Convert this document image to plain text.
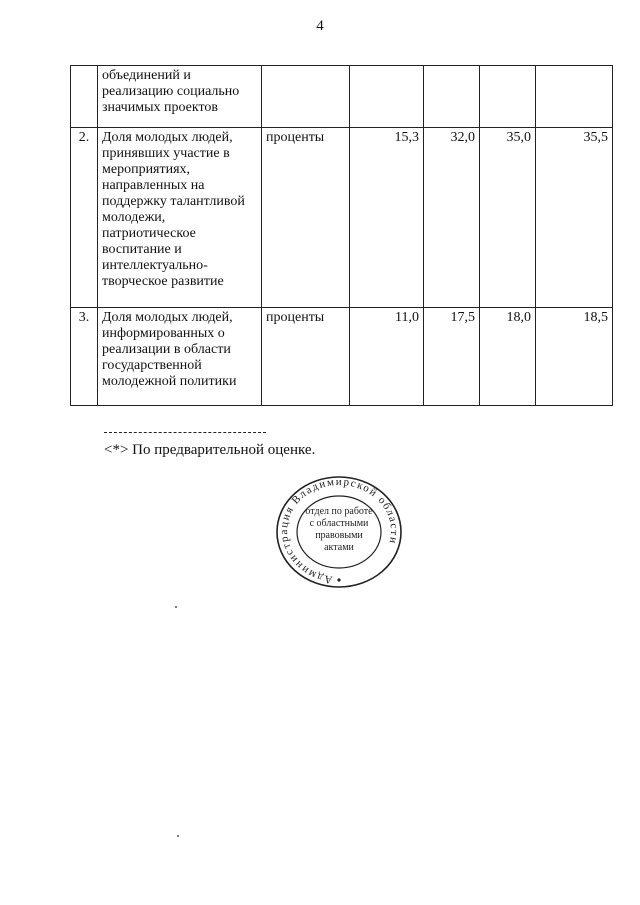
4
	объединений и реализацию социально значимых проектов					
2.	Доля молодых людей, принявших участие в мероприятиях, направленных на поддержку талантливой молодежи, патриотическое воспитание и интеллектуально-творческое развитие	проценты	15,3	32,0	35,0	35,5
3.	Доля молодых людей, информированных о реализации в области государственной молодежной политики	проценты	11,0	17,5	18,0	18,5
<*> По предварительной оценке.
Администрация Владимирской области
отдел по работе
с областными
правовыми
актами
